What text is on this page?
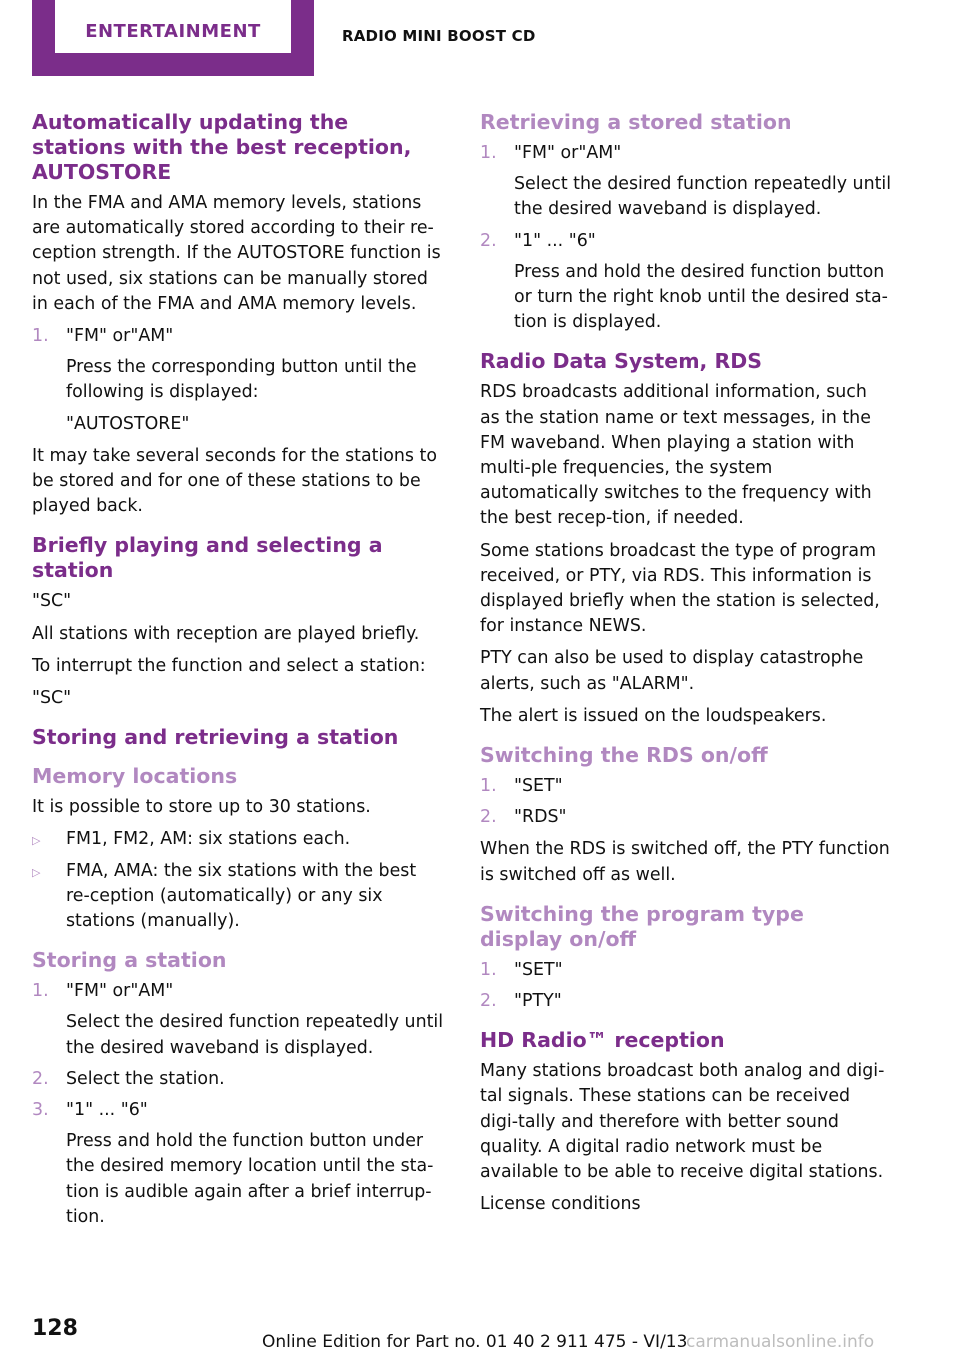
ENTERTAINMENT	RADIO MINI BOOST CD
Automatically updating the stations with the best reception, AUTOSTORE

In the FMA and AMA memory levels, stations are automatically stored according to their re‐ception strength. If the AUTOSTORE function is not used, six stations can be manually stored in each of the FMA and AMA memory levels.

1. "FM" or"AM"

Press the corresponding button until the following is displayed:

"AUTOSTORE"

It may take several seconds for the stations to be stored and for one of these stations to be played back.

Briefly playing and selecting a station

"SC"

All stations with reception are played briefly.

To interrupt the function and select a station:

"SC"

Storing and retrieving a station
Memory locations

It is possible to store up to 30 stations.

▷ FM1, FM2, AM: six stations each.

▷ FMA, AMA: the six stations with the best re‐ception (automatically) or any six stations (manually).

Storing a station
1. "FM" or"AM"

Select the desired function repeatedly until the desired waveband is displayed.

2. Select the station.

3. "1" ... "6"

Press and hold the function button under the desired memory location until the sta‐tion is audible again after a brief interrup‐tion.

Retrieving a stored station
1. "FM" or"AM"

Select the desired function repeatedly until the desired waveband is displayed.

2. "1" ... "6"

Press and hold the desired function button or turn the right knob until the desired sta‐tion is displayed.

Radio Data System, RDS

RDS broadcasts additional information, such as the station name or text messages, in the FM waveband. When playing a station with multi‐ple frequencies, the system automatically switches to the frequency with the best recep‐tion, if needed.

Some stations broadcast the type of program received, or PTY, via RDS. This information is displayed briefly when the station is selected, for instance NEWS.

PTY can also be used to display catastrophe alerts, such as "ALARM".

The alert is issued on the loudspeakers.

Switching the RDS on/off
1. "SET"

2. "RDS"

When the RDS is switched off, the PTY function is switched off as well.

Switching the program type display on/off
1. "SET"

2. "PTY"

HD Radio™ reception

Many stations broadcast both analog and digi‐tal signals. These stations can be received digi‐tally and therefore with better sound quality. A digital radio network must be available to be able to receive digital stations.

License conditions

128
Online Edition for Part no. 01 40 2 911 475 - VI/13
carmanualsonline.info
